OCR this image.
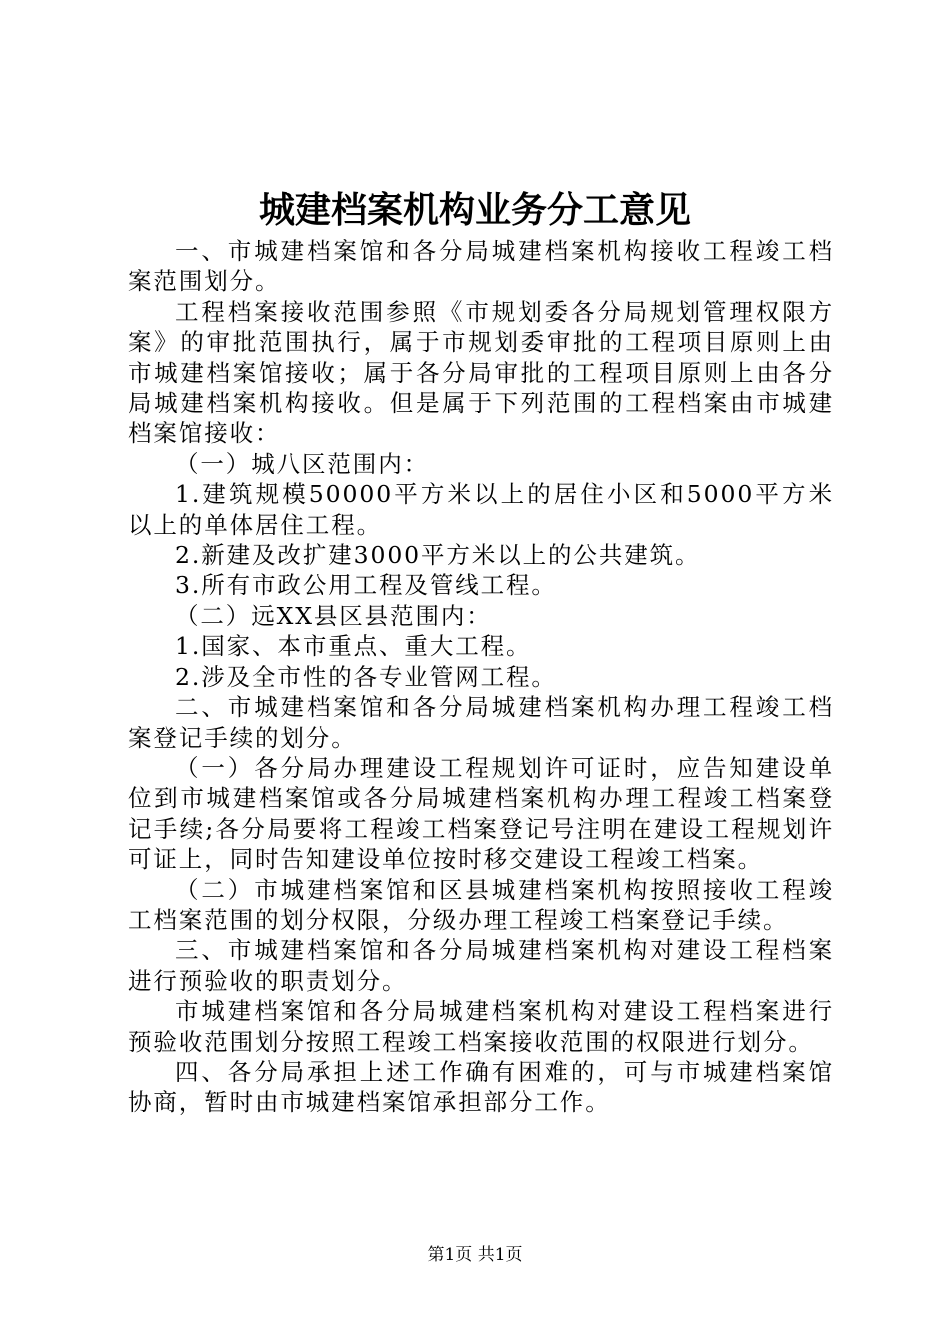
城建档案机构业务分工意见

一、市城建档案馆和各分局城建档案机构接收工程竣工档案范围划分。

工程档案接收范围参照《市规划委各分局规划管理权限方案》的审批范围执行，属于市规划委审批的工程项目原则上由市城建档案馆接收；属于各分局审批的工程项目原则上由各分局城建档案机构接收。但是属于下列范围的工程档案由市城建档案馆接收：

（一）城八区范围内：

1.建筑规模50000平方米以上的居住小区和5000平方米以上的单体居住工程。

2.新建及改扩建3000平方米以上的公共建筑。

3.所有市政公用工程及管线工程。

（二）远XX县区县范围内：

1.国家、本市重点、重大工程。

2.涉及全市性的各专业管网工程。

二、市城建档案馆和各分局城建档案机构办理工程竣工档案登记手续的划分。

（一）各分局办理建设工程规划许可证时，应告知建设单位到市城建档案馆或各分局城建档案机构办理工程竣工档案登记手续;各分局要将工程竣工档案登记号注明在建设工程规划许可证上，同时告知建设单位按时移交建设工程竣工档案。

（二）市城建档案馆和区县城建档案机构按照接收工程竣工档案范围的划分权限，分级办理工程竣工档案登记手续。

三、市城建档案馆和各分局城建档案机构对建设工程档案进行预验收的职责划分。

市城建档案馆和各分局城建档案机构对建设工程档案进行预验收范围划分按照工程竣工档案接收范围的权限进行划分。

四、各分局承担上述工作确有困难的，可与市城建档案馆协商，暂时由市城建档案馆承担部分工作。

第1页 共1页
